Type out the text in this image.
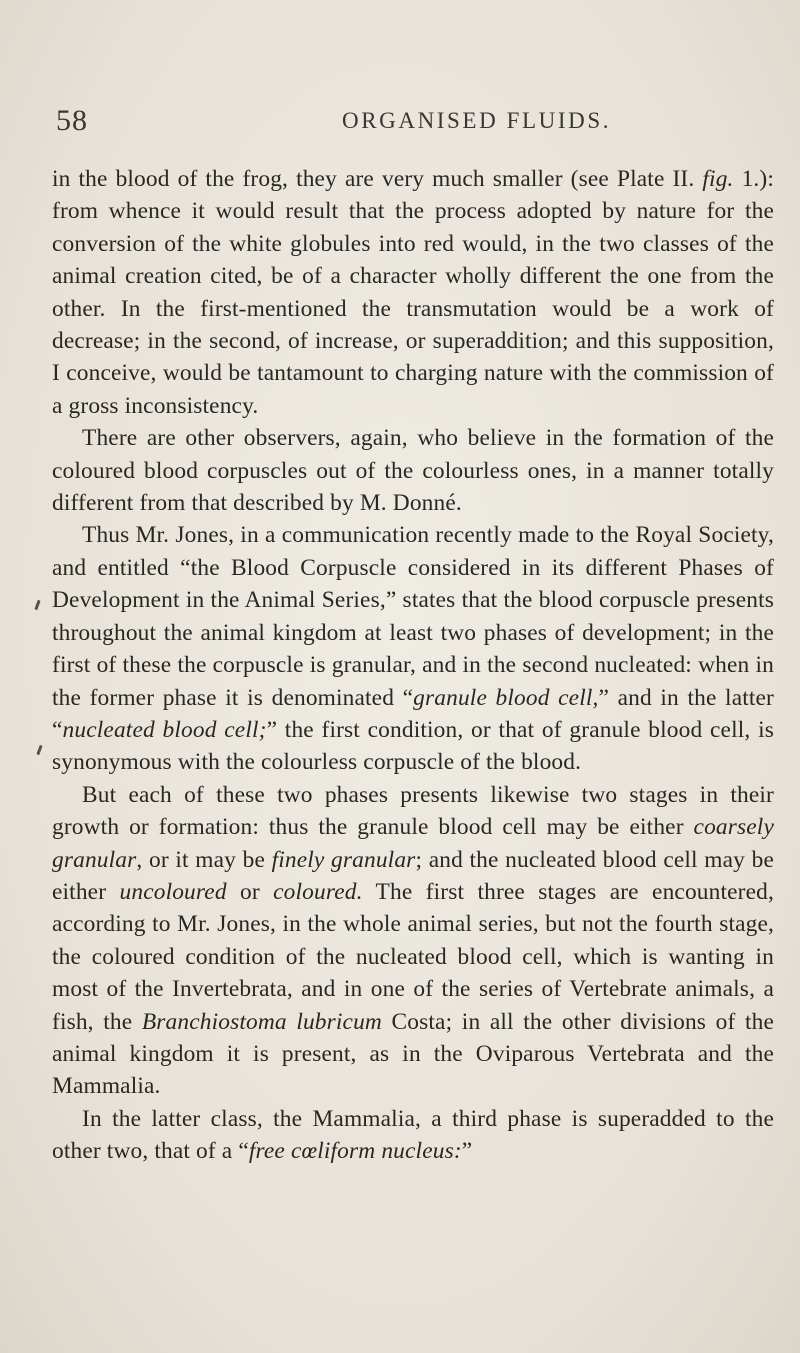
58	ORGANISED FLUIDS.

in the blood of the frog, they are very much smaller (see Plate II. fig. 1.): from whence it would result that the process adopted by nature for the conversion of the white globules into red would, in the two classes of the animal creation cited, be of a character wholly different the one from the other. In the first-mentioned the transmutation would be a work of decrease; in the second, of increase, or superaddition; and this supposition, I conceive, would be tantamount to charging nature with the commission of a gross inconsistency.

There are other observers, again, who believe in the formation of the coloured blood corpuscles out of the colourless ones, in a manner totally different from that described by M. Donné.

Thus Mr. Jones, in a communication recently made to the Royal Society, and entitled “the Blood Corpuscle considered in its different Phases of Development in the Animal Series,” states that the blood corpuscle presents throughout the animal kingdom at least two phases of development; in the first of these the corpuscle is granular, and in the second nucleated: when in the former phase it is denominated “granule blood cell,” and in the latter “nucleated blood cell;” the first condition, or that of granule blood cell, is synonymous with the colourless corpuscle of the blood.

But each of these two phases presents likewise two stages in their growth or formation: thus the granule blood cell may be either coarsely granular, or it may be finely granular; and the nucleated blood cell may be either uncoloured or coloured. The first three stages are encountered, according to Mr. Jones, in the whole animal series, but not the fourth stage, the coloured condition of the nucleated blood cell, which is wanting in most of the Invertebrata, and in one of the series of Vertebrate animals, a fish, the Branchiostoma lubricum Costa; in all the other divisions of the animal kingdom it is present, as in the Oviparous Vertebrata and the Mammalia.

In the latter class, the Mammalia, a third phase is superadded to the other two, that of a “free cœliform nucleus:”
